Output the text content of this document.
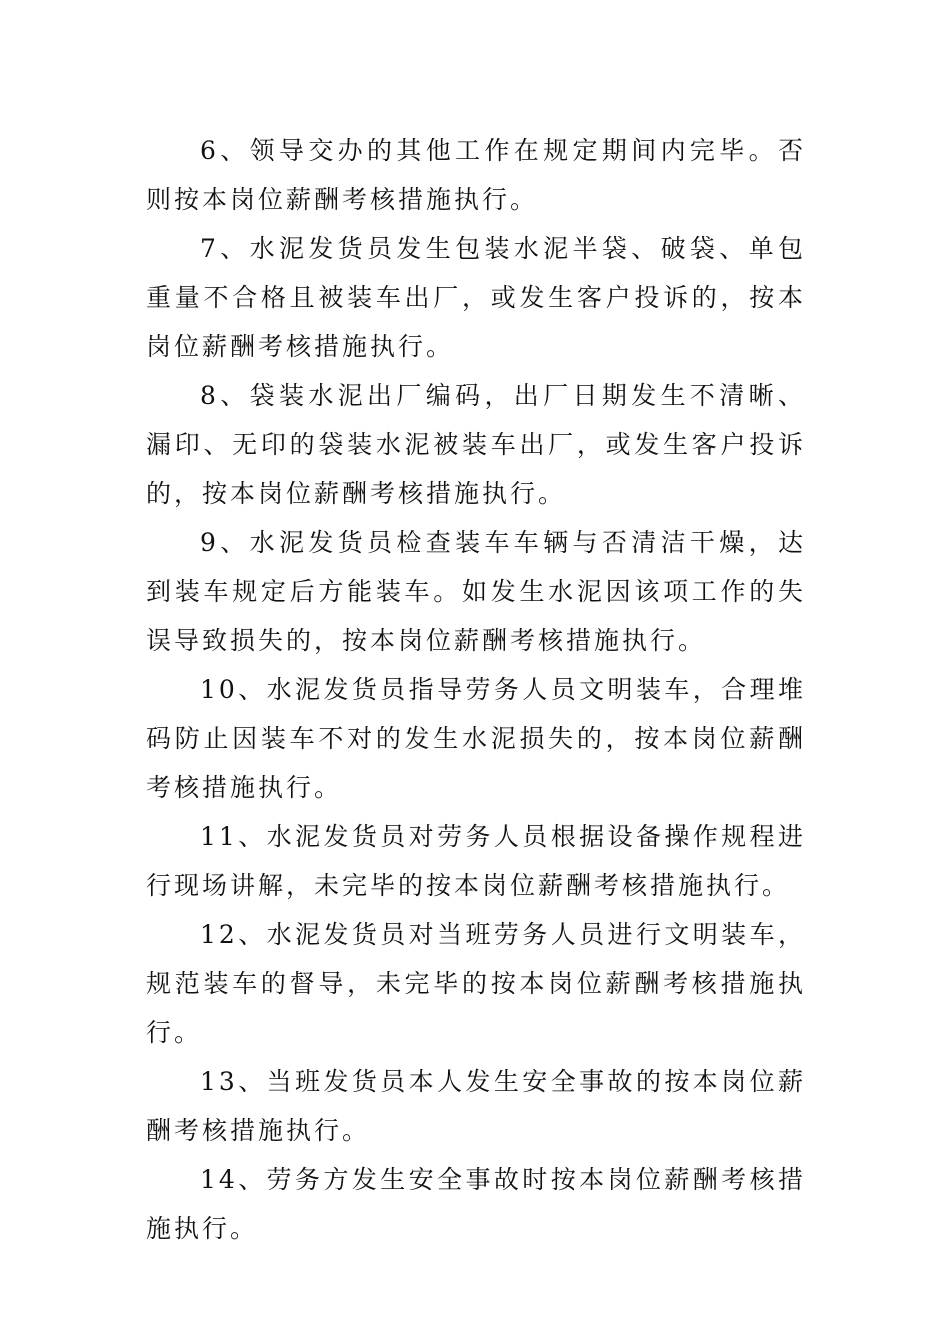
6、领导交办的其他工作在规定期间内完毕。否则按本岗位薪酬考核措施执行。

7、水泥发货员发生包装水泥半袋、破袋、单包重量不合格且被装车出厂，或发生客户投诉的，按本岗位薪酬考核措施执行。

8、袋装水泥出厂编码，出厂日期发生不清晰、漏印、无印的袋装水泥被装车出厂，或发生客户投诉的，按本岗位薪酬考核措施执行。

9、水泥发货员检查装车车辆与否清洁干燥，达到装车规定后方能装车。如发生水泥因该项工作的失误导致损失的，按本岗位薪酬考核措施执行。

10、水泥发货员指导劳务人员文明装车，合理堆码防止因装车不对的发生水泥损失的，按本岗位薪酬考核措施执行。

11、水泥发货员对劳务人员根据设备操作规程进行现场讲解，未完毕的按本岗位薪酬考核措施执行。

12、水泥发货员对当班劳务人员进行文明装车，规范装车的督导，未完毕的按本岗位薪酬考核措施执行。

13、当班发货员本人发生安全事故的按本岗位薪酬考核措施执行。

14、劳务方发生安全事故时按本岗位薪酬考核措施执行。
